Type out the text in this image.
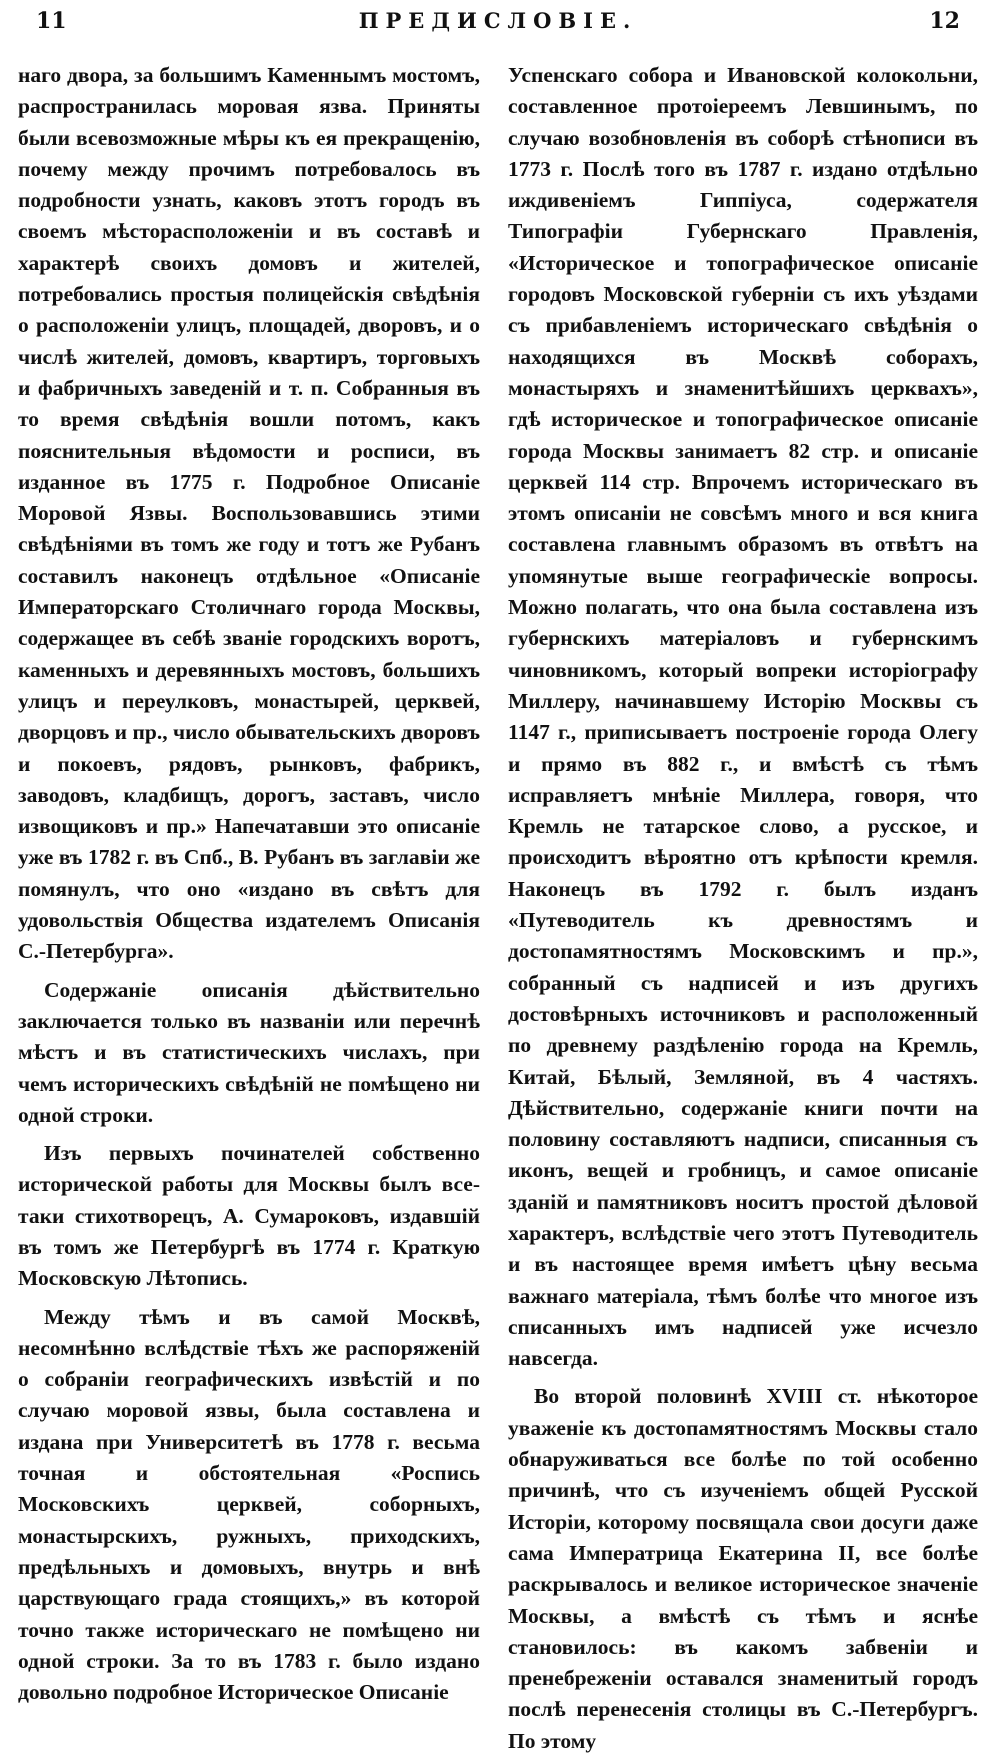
11	ПРЕДИСЛОВІЕ.	12

наго двора, за большимъ Каменнымъ мостомъ, распространилась моровая язва. Приняты были всевозможные мѣры къ ея прекращенію, почему между прочимъ потребовалось въ подробности узнать, каковъ этотъ городъ въ своемъ мѣсторасположеніи и въ составѣ и характерѣ своихъ домовъ и жителей, потребовались простыя полицейскія свѣдѣнія о расположеніи улицъ, площадей, дворовъ, и о числѣ жителей, домовъ, квартиръ, торговыхъ и фабричныхъ заведеній и т. п. Собранныя въ то время свѣдѣнія вошли потомъ, какъ пояснительныя вѣдомости и росписи, въ изданное въ 1775 г. Подробное Описаніе Моровой Язвы. Воспользовавшись этими свѣдѣніями въ томъ же году и тотъ же Рубанъ составилъ наконецъ отдѣльное «Описаніе Императорскаго Столичнаго города Москвы, содержащее въ себѣ званіе городскихъ воротъ, каменныхъ и деревянныхъ мостовъ, большихъ улицъ и переулковъ, монастырей, церквей, дворцовъ и пр., число обывательскихъ дворовъ и покоевъ, рядовъ, рынковъ, фабрикъ, заводовъ, кладбищъ, дорогъ, заставъ, число извощиковъ и пр.» Напечатавши это описаніе уже въ 1782 г. въ Спб., В. Рубанъ въ заглавіи же помянулъ, что оно «издано въ свѣтъ для удовольствія Общества издателемъ Описанія С.-Петербурга».

Содержаніе описанія дѣйствительно заключается только въ названіи или перечнѣ мѣстъ и въ статистическихъ числахъ, при чемъ историческихъ свѣдѣній не помѣщено ни одной строки.

Изъ первыхъ починателей собственно исторической работы для Москвы былъ все-таки стихотворецъ, А. Сумароковъ, издавшій въ томъ же Петербургѣ въ 1774 г. Краткую Московскую Лѣтопись.

Между тѣмъ и въ самой Москвѣ, несомнѣнно вслѣдствіе тѣхъ же распоряженій о собраніи географическихъ извѣстій и по случаю моровой язвы, была составлена и издана при Университетѣ въ 1778 г. весьма точная и обстоятельная «Роспись Московскихъ церквей, соборныхъ, монастырскихъ, ружныхъ, приходскихъ, предѣльныхъ и домовыхъ, внутрь и внѣ царствующаго града стоящихъ,» въ которой точно также историческаго не помѣщено ни одной строки. За то въ 1783 г. было издано довольно подробное Историческое Описаніе

Успенскаго собора и Ивановской колокольни, составленное протоіереемъ Левшинымъ, по случаю возобновленія въ соборѣ стѣнописи въ 1773 г. Послѣ того въ 1787 г. издано отдѣльно иждивеніемъ Гиппіуса, содержателя Типографіи Губернскаго Правленія, «Историческое и топографическое описаніе городовъ Московской губерніи съ ихъ уѣздами съ прибавленіемъ историческаго свѣдѣнія о находящихся въ Москвѣ соборахъ, монастыряхъ и знаменитѣйшихъ церквахъ», гдѣ историческое и топографическое описаніе города Москвы занимаетъ 82 стр. и описаніе церквей 114 стр. Впрочемъ историческаго въ этомъ описаніи не совсѣмъ много и вся книга составлена главнымъ образомъ въ отвѣтъ на упомянутые выше географическіе вопросы. Можно полагать, что она была составлена изъ губернскихъ матеріаловъ и губернскимъ чиновникомъ, который вопреки исторіографу Миллеру, начинавшему Исторію Москвы съ 1147 г., приписываетъ построеніе города Олегу и прямо въ 882 г., и вмѣстѣ съ тѣмъ исправляетъ мнѣніе Миллера, говоря, что Кремль не татарское слово, а русское, и происходитъ вѣроятно отъ крѣпости кремля. Наконецъ въ 1792 г. былъ изданъ «Путеводитель къ древностямъ и достопамятностямъ Московскимъ и пр.», собранный съ надписей и изъ другихъ достовѣрныхъ источниковъ и расположенный по древнему раздѣленію города на Кремль, Китай, Бѣлый, Земляной, въ 4 частяхъ. Дѣйствительно, содержаніе книги почти на половину составляютъ надписи, списанныя съ иконъ, вещей и гробницъ, и самое описаніе зданій и памятниковъ носитъ простой дѣловой характеръ, вслѣдствіе чего этотъ Путеводитель и въ настоящее время имѣетъ цѣну весьма важнаго матеріала, тѣмъ болѣе что многое изъ списанныхъ имъ надписей уже исчезло навсегда.

Во второй половинѣ XVIII ст. нѣкоторое уваженіе къ достопамятностямъ Москвы стало обнаруживаться все болѣе по той особенно причинѣ, что съ изученіемъ общей Русской Исторіи, которому посвящала свои досуги даже сама Императрица Екатерина II, все болѣе раскрывалось и великое историческое значеніе Москвы, а вмѣстѣ съ тѣмъ и яснѣе становилось: въ какомъ забвеніи и пренебреженіи оставался знаменитый городъ послѣ перенесенія столицы въ С.-Петербургъ. По этому
